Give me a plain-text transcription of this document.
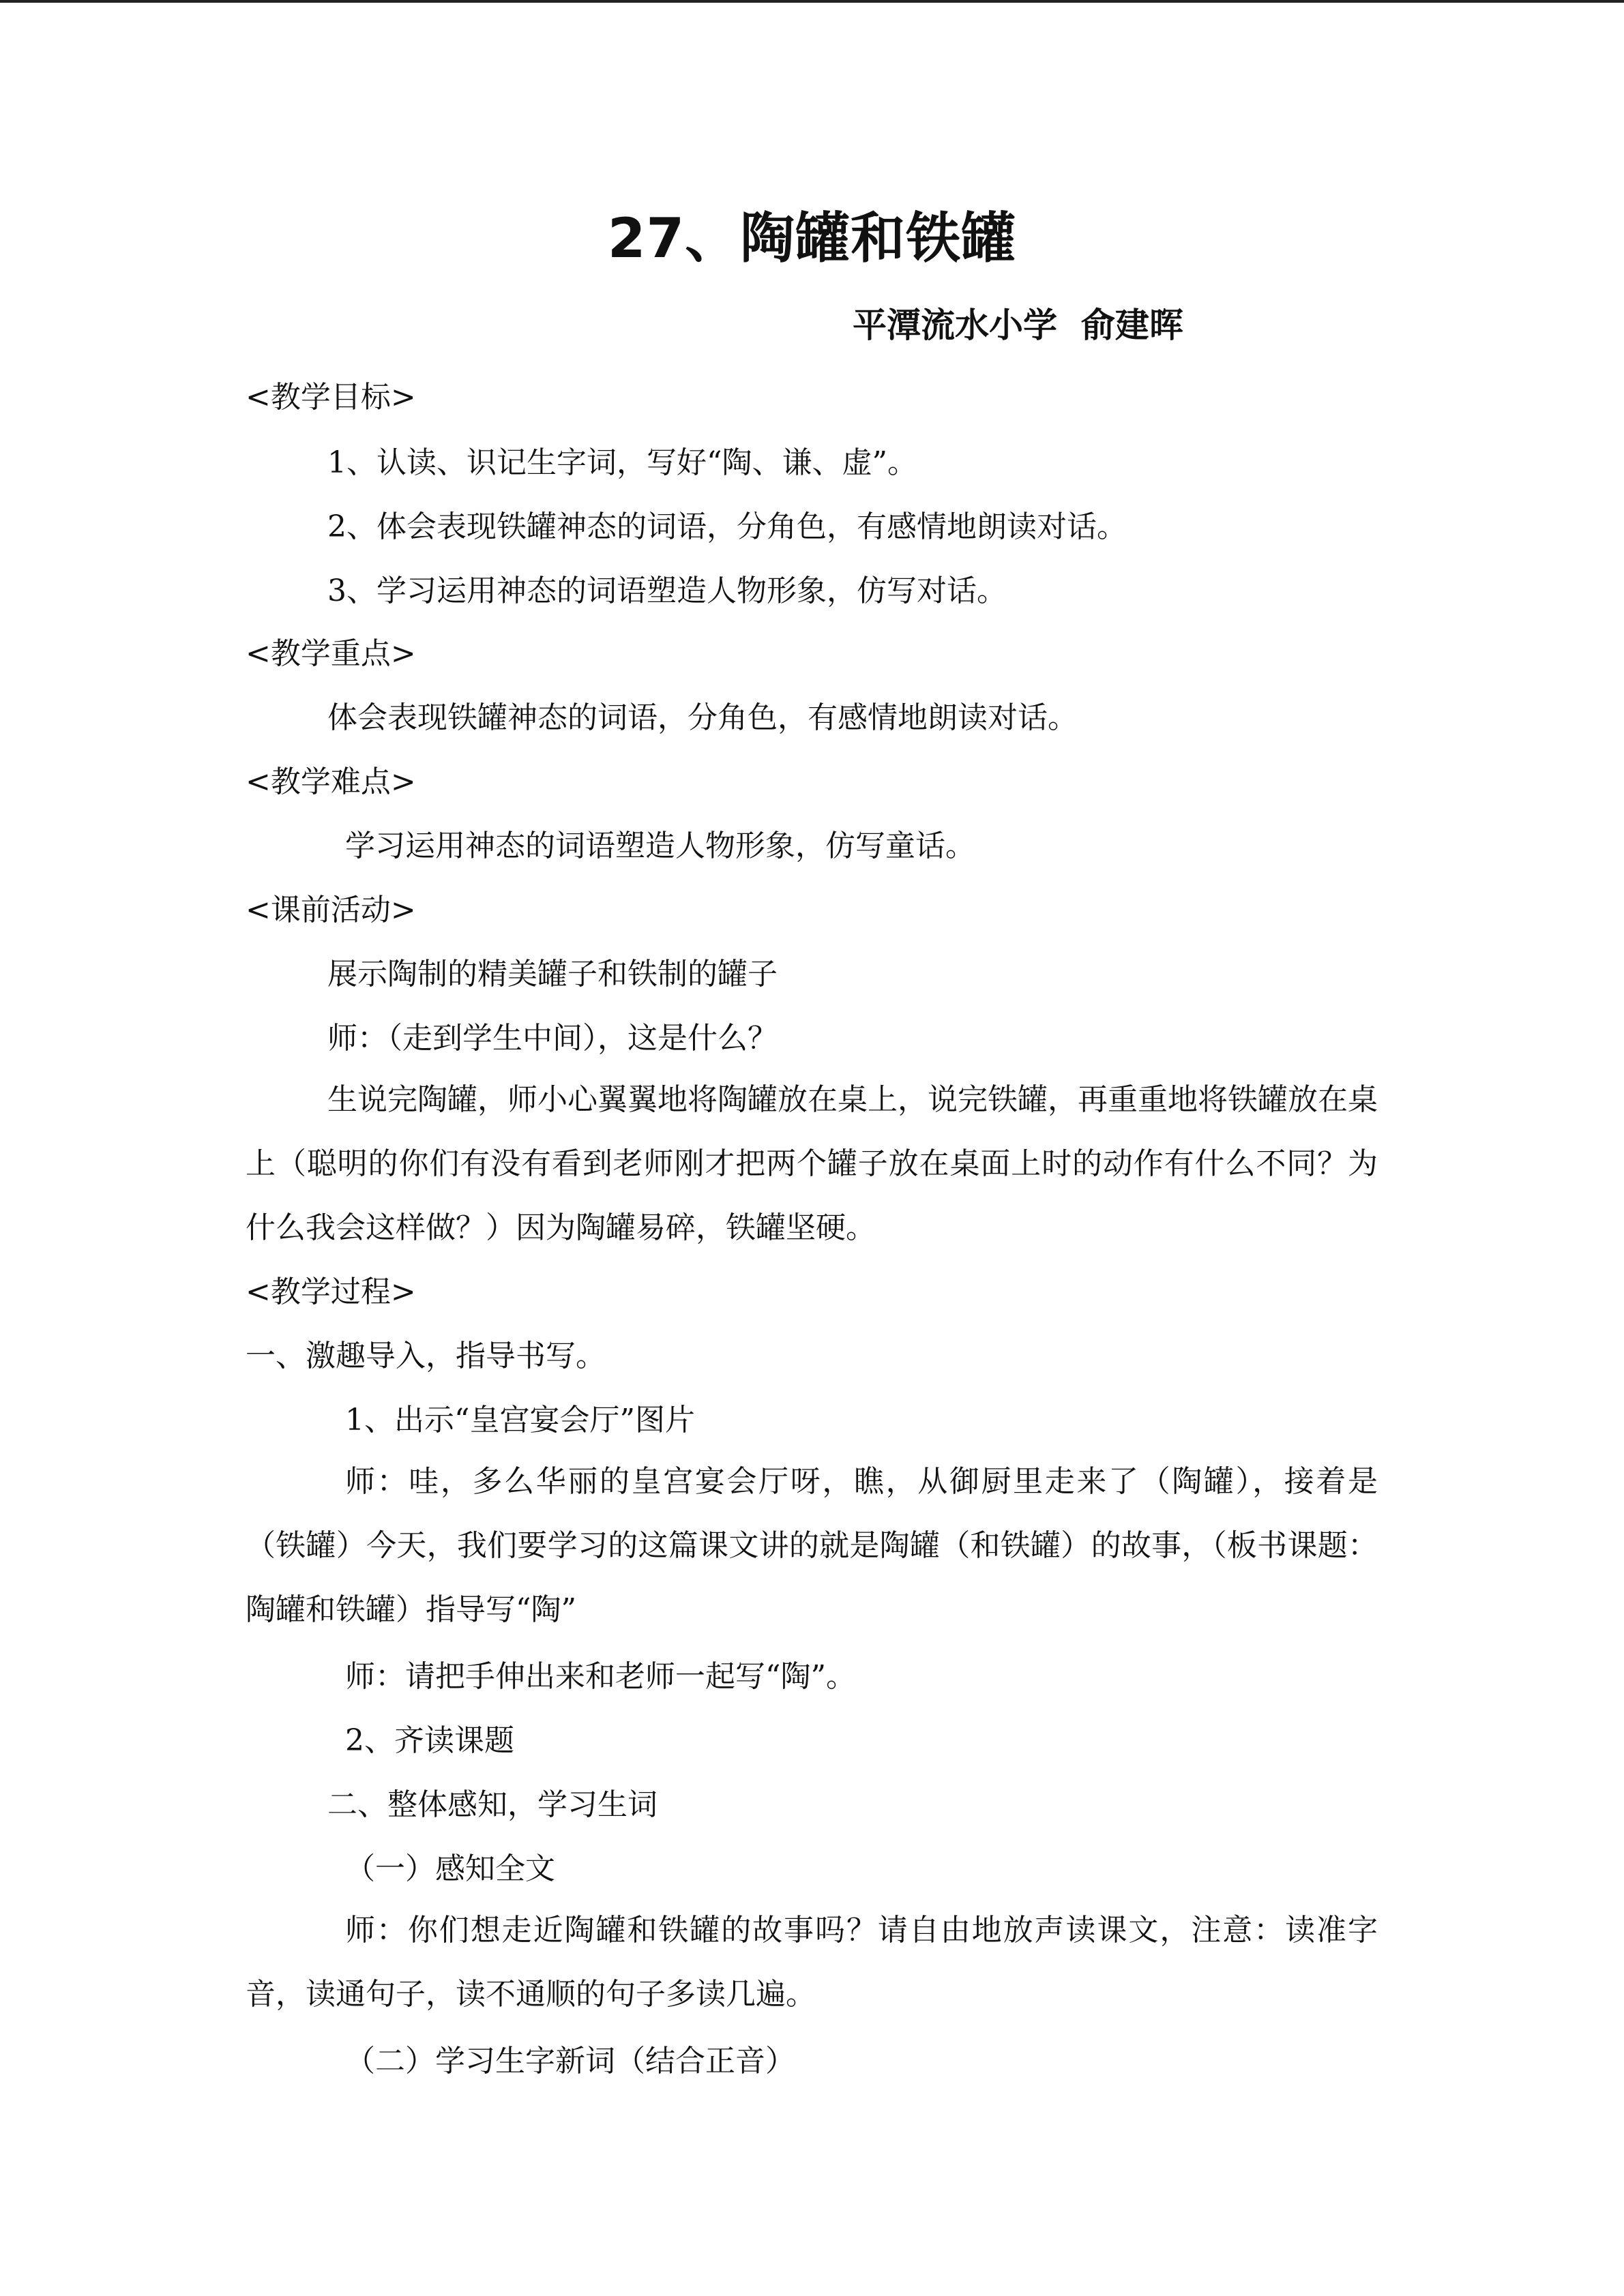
27、陶罐和铁罐
平潭流水小学  俞建晖

<教学目标>

1、认读、识记生字词，写好“陶、谦、虚”。

2、体会表现铁罐神态的词语，分角色，有感情地朗读对话。

3、学习运用神态的词语塑造人物形象，仿写对话。

<教学重点>

体会表现铁罐神态的词语，分角色，有感情地朗读对话。

<教学难点>

学习运用神态的词语塑造人物形象，仿写童话。

<课前活动>

展示陶制的精美罐子和铁制的罐子

师：（走到学生中间），这是什么？

生说完陶罐，师小心翼翼地将陶罐放在桌上，说完铁罐，再重重地将铁罐放在桌上（聪明的你们有没有看到老师刚才把两个罐子放在桌面上时的动作有什么不同？为什么我会这样做？）因为陶罐易碎，铁罐坚硬。

<教学过程>

一、激趣导入，指导书写。

1、出示“皇宫宴会厅”图片

师：哇，多么华丽的皇宫宴会厅呀，瞧，从御厨里走来了（陶罐），接着是（铁罐）今天，我们要学习的这篇课文讲的就是陶罐（和铁罐）的故事，（板书课题：陶罐和铁罐）指导写“陶”

师：请把手伸出来和老师一起写“陶”。

2、齐读课题

二、整体感知，学习生词

（一）感知全文

师：你们想走近陶罐和铁罐的故事吗？请自由地放声读课文，注意：读准字音，读通句子，读不通顺的句子多读几遍。

（二）学习生字新词（结合正音）
